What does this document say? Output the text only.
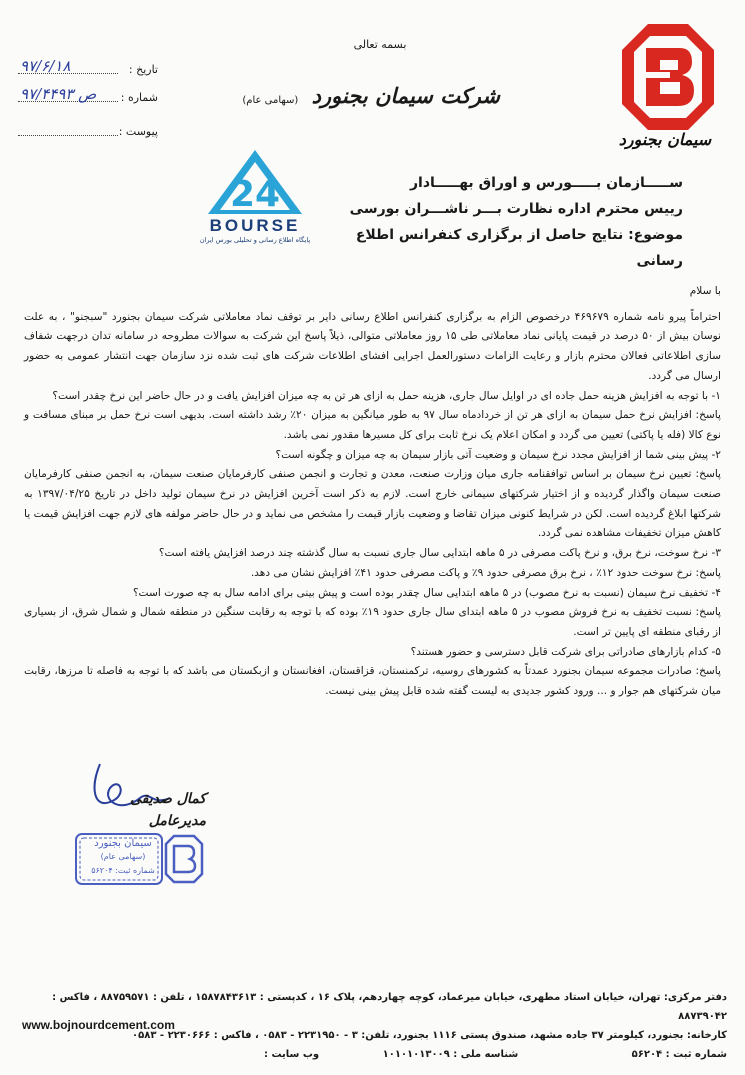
بسمه تعالی
شرکت سیمان بجنورد (سهامی عام)
۹۷/۶/۱۸	تاریخ :
ص ۹۷/۴۴۹۳ شماره :
پیوست :	سیمان بجنورد
24
BOURSE
پایگاه اطلاع رسانی و تحلیلی بورس ایران
ســـــازمان بـــــورس و اوراق بهـــــادار
رییس محترم اداره نظارت بـــر ناشـــران بورسی
موضوع: نتایج حاصل از برگزاری کنفرانس اطلاع رسانی

با سلام

احتراماً پیرو نامه شماره ۴۶۹۶۷۹ درخصوص الزام به برگزاری کنفرانس اطلاع رسانی دایر بر توقف نماد معاملاتی شرکت سیمان بجنورد "سبجنو" ، به علت نوسان بیش از ۵۰ درصد در قیمت پایانی نماد معاملاتی طی ۱۵ روز معاملاتی متوالی، ذیلاً پاسخ این شرکت به سوالات مطروحه در سامانه تدان درجهت شفاف سازی اطلاعاتی فعالان محترم بازار و رعایت الزامات دستورالعمل اجرایی افشای اطلاعات شرکت های ثبت شده نزد سازمان جهت انتشار عمومی به حضور ارسال می گردد.

۱- با توجه به افزایش هزینه حمل جاده ای در اوایل سال جاری، هزینه حمل به ازای هر تن به چه میزان افزایش یافت و در حال حاضر این نرخ چقدر است؟

پاسخ: افزایش نرخ حمل سیمان به ازای هر تن از خردادماه سال ۹۷ به طور میانگین به میزان ۲۰٪ رشد داشته است. بدیهی است نرخ حمل بر مبنای مسافت و نوع کالا (فله یا پاکتی) تعیین می گردد و امکان اعلام یک نرخ ثابت برای کل مسیرها مقدور نمی باشد.

۲- پیش بینی شما از افزایش مجدد نرخ سیمان و وضعیت آتی بازار سیمان به چه میزان و چگونه است؟

پاسخ: تعیین نرخ سیمان بر اساس توافقنامه جاری میان وزارت صنعت، معدن و تجارت و انجمن صنفی کارفرمایان صنعت سیمان، به انجمن صنفی کارفرمایان صنعت سیمان واگذار گردیده و از اختیار شرکتهای سیمانی خارج است. لازم به ذکر است آخرین افزایش در نرخ سیمان تولید داخل در تاریخ ۱۳۹۷/۰۴/۲۵ به شرکتها ابلاغ گردیده است. لکن در شرایط کنونی میزان تقاضا و وضعیت بازار قیمت را مشخص می نماید و در حال حاضر مولفه های لازم جهت افزایش قیمت یا کاهش میزان تخفیفات مشاهده نمی گردد.

۳- نرخ سوخت، نرخ برق، و نرخ پاکت مصرفی در ۵ ماهه ابتدایی سال جاری نسبت به سال گذشته چند درصد افزایش یافته است؟

پاسخ: نرخ سوخت حدود ۱۲٪ ، نرخ برق مصرفی حدود ۹٪ و پاکت مصرفی حدود ۴۱٪ افزایش نشان می دهد.

۴- تخفیف نرخ سیمان (نسبت به نرخ مصوب) در ۵ ماهه ابتدایی سال چقدر بوده است و پیش بینی برای ادامه سال به چه صورت است؟

پاسخ: نسبت تخفیف به نرخ فروش مصوب در ۵ ماهه ابتدای سال جاری حدود ۱۹٪ بوده که با توجه به رقابت سنگین در منطقه شمال و شمال شرق، از بسیاری از رقبای منطقه ای پایین تر است.

۵- کدام بازارهای صادراتی برای شرکت قابل دسترسی و حضور هستند؟

پاسخ: صادرات مجموعه سیمان بجنورد عمدتاً به کشورهای روسیه، ترکمنستان، قزاقستان، افغانستان و ازبکستان می باشد که با توجه به فاصله تا مرزها، رقابت میان شرکتهای هم جوار و ... ورود کشور جدیدی به لیست گفته شده قابل پیش بینی نیست.

کمال صدیقی
مدیرعامل
سیمان بجنورد
(سهامی عام)
شماره ثبت: ۵۶۲۰۴
دفتر مرکزی: تهران، خیابان استاد مطهری، خیابان میرعماد، کوچه چهاردهم، پلاک ۱۶ ، کدپستی : ۱۵۸۷۸۴۳۶۱۳ ، تلفن : ۸۸۷۵۹۵۷۱ ، فاکس : ۸۸۷۳۹۰۴۲
کارخانه: بجنورد، کیلومتر ۳۷ جاده مشهد، صندوق پستی ۱۱۱۶ بجنورد، تلفن: ۳ - ۲۲۳۱۹۵۰ - ۰۵۸۳ ، فاکس : ۲۲۳۰۶۶۶ - ۰۵۸۳
شماره ثبت : ۵۶۲۰۴ شناسه ملی : ۱۰۱۰۱۰۱۳۰۰۹ وب سایت :
www.bojnourdcement.com
